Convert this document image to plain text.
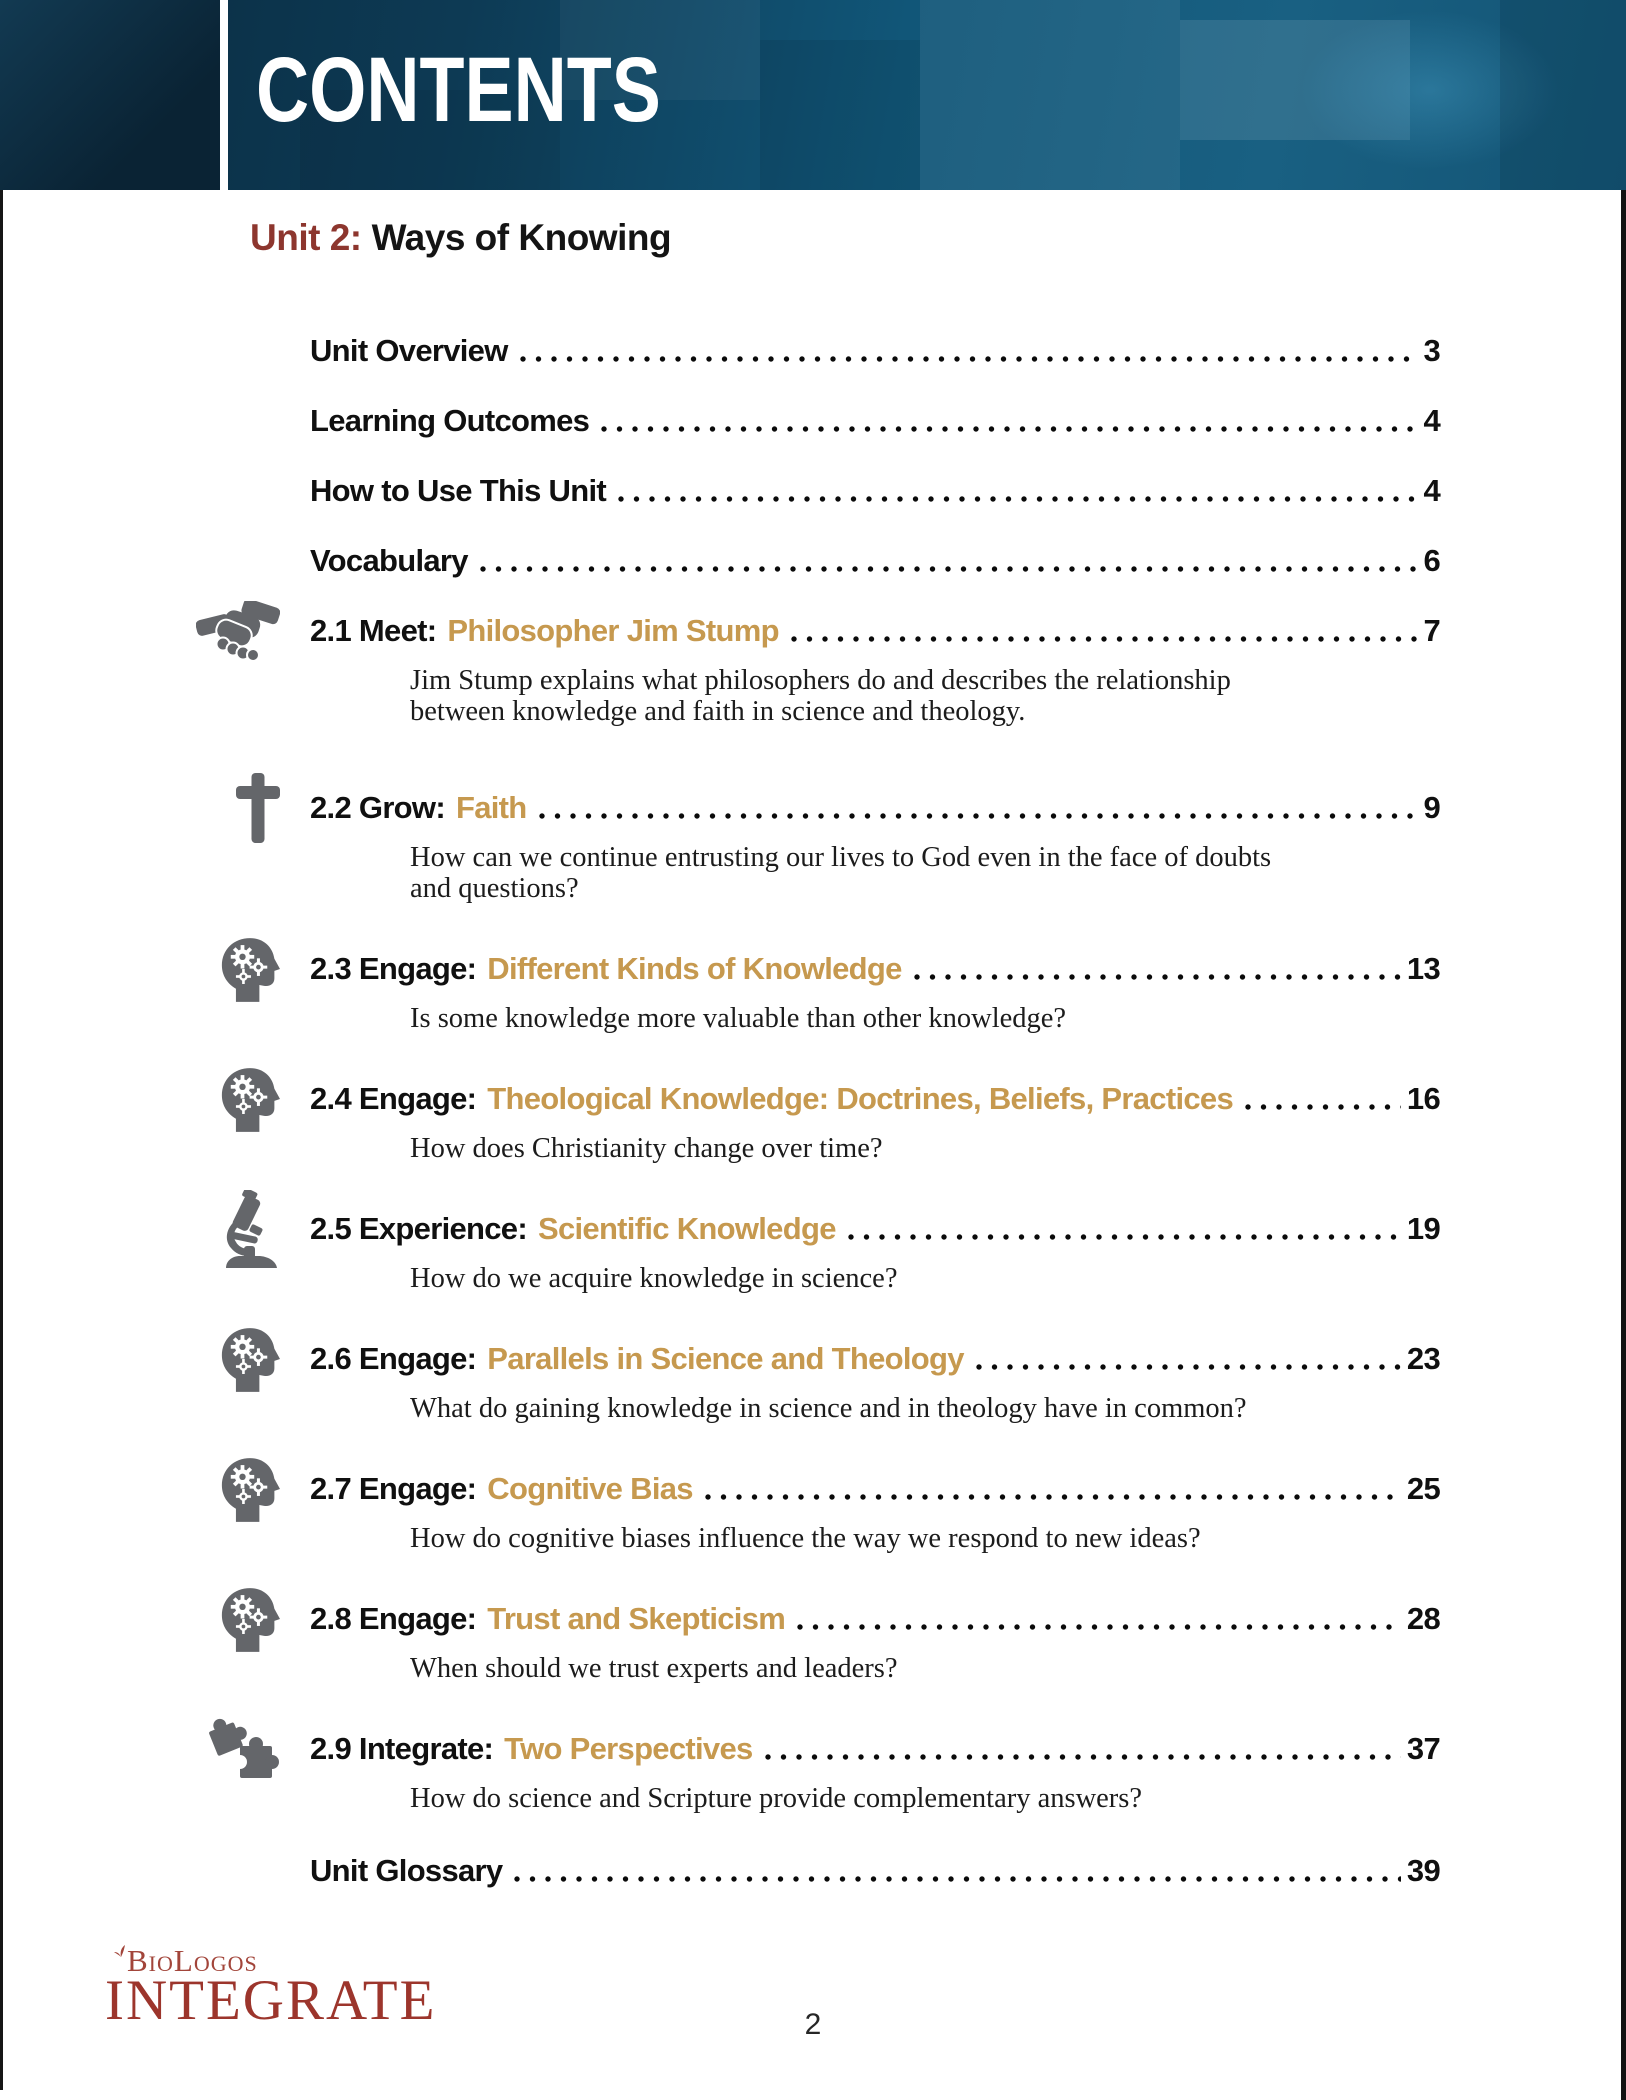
CONTENTS
Unit 2: Ways of Knowing
Unit Overview	3
Learning Outcomes	4
How to Use This Unit	4
Vocabulary	6
2.1 Meet: Philosopher Jim Stump	7
Jim Stump explains what philosophers do and describes the relationship between knowledge and faith in science and theology.
2.2 Grow: Faith	9
How can we continue entrusting our lives to God even in the face of doubts and questions?
2.3 Engage: Different Kinds of Knowledge	13
Is some knowledge more valuable than other knowledge?
2.4 Engage: Theological Knowledge: Doctrines, Beliefs, Practices	16
How does Christianity change over time?
2.5 Experience: Scientific Knowledge	19
How do we acquire knowledge in science?
2.6 Engage: Parallels in Science and Theology	23
What do gaining knowledge in science and in theology have in common?
2.7 Engage: Cognitive Bias	25
How do cognitive biases influence the way we respond to new ideas?
2.8 Engage: Trust and Skepticism	28
When should we trust experts and leaders?
2.9 Integrate: Two Perspectives	37
How do science and Scripture provide complementary answers?
Unit Glossary	39
BioLogos
INTEGRATE	2
